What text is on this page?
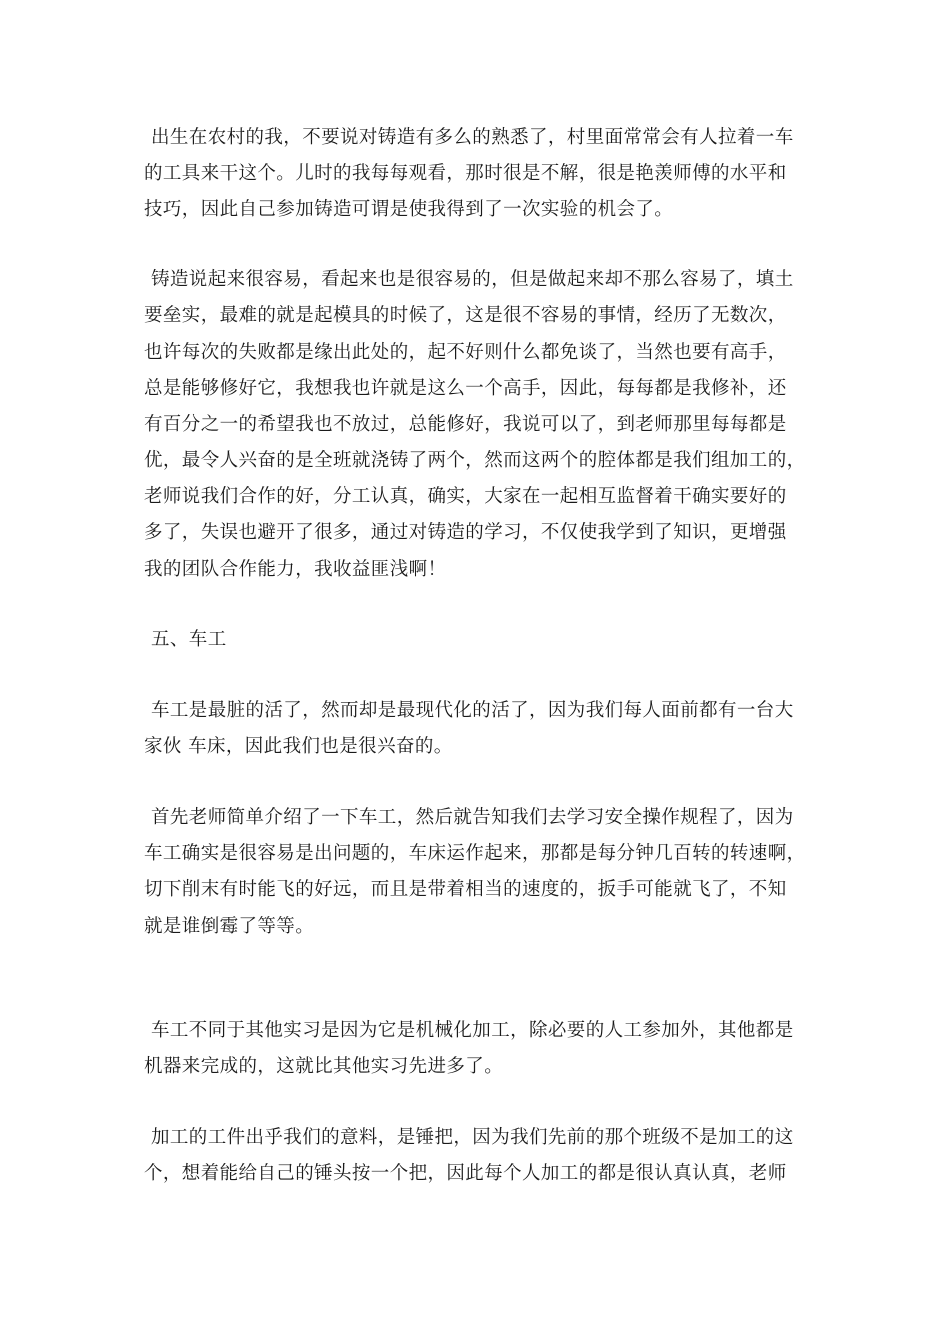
出生在农村的我，不要说对铸造有多么的熟悉了，村里面常常会有人拉着一车
的工具来干这个。儿时的我每每观看，那时很是不解，很是艳羡师傅的水平和
技巧，因此自己参加铸造可谓是使我得到了一次实验的机会了。
铸造说起来很容易，看起来也是很容易的，但是做起来却不那么容易了，填土
要垒实，最难的就是起模具的时候了，这是很不容易的事情，经历了无数次，
也许每次的失败都是缘出此处的，起不好则什么都免谈了，当然也要有高手，
总是能够修好它，我想我也许就是这么一个高手，因此，每每都是我修补，还
有百分之一的希望我也不放过，总能修好，我说可以了，到老师那里每每都是
优，最令人兴奋的是全班就浇铸了两个，然而这两个的腔体都是我们组加工的，
老师说我们合作的好，分工认真，确实，大家在一起相互监督着干确实要好的
多了，失误也避开了很多，通过对铸造的学习，不仅使我学到了知识，更增强
我的团队合作能力，我收益匪浅啊！
五、车工
车工是最脏的活了，然而却是最现代化的活了，因为我们每人面前都有一台大
家伙 车床，因此我们也是很兴奋的。
首先老师简单介绍了一下车工，然后就告知我们去学习安全操作规程了，因为
车工确实是很容易是出问题的，车床运作起来，那都是每分钟几百转的转速啊，
切下削末有时能飞的好远，而且是带着相当的速度的，扳手可能就飞了，不知
就是谁倒霉了等等。
车工不同于其他实习是因为它是机械化加工，除必要的人工参加外，其他都是
机器来完成的，这就比其他实习先进多了。
加工的工件出乎我们的意料，是锤把，因为我们先前的那个班级不是加工的这
个，想着能给自己的锤头按一个把，因此每个人加工的都是很认真认真，老师
